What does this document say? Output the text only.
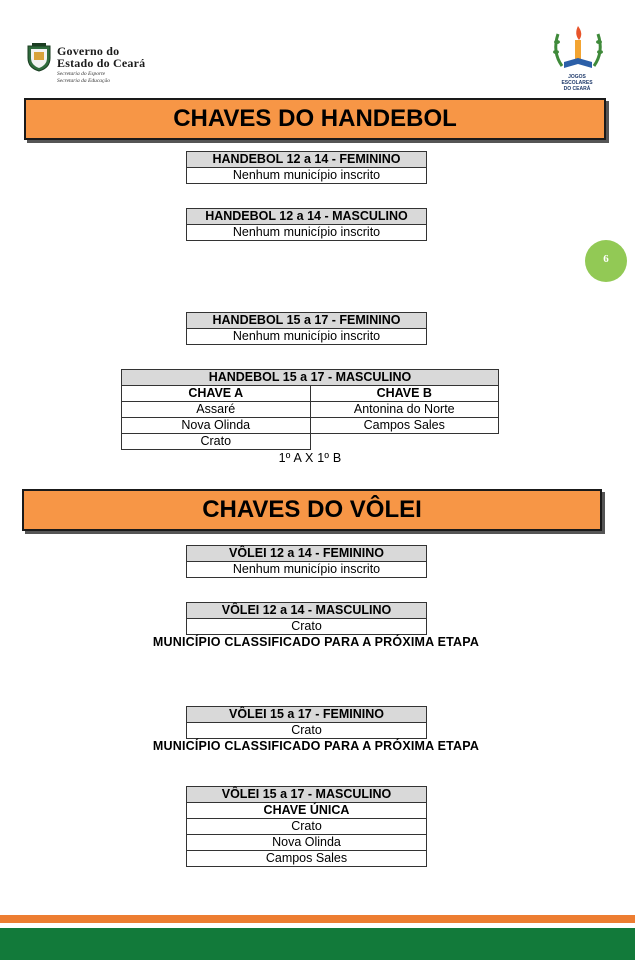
Governo do
Estado do Ceará
Secretaria do Esporte
Secretaria da Educação
JOGOS
ESCOLARES
DO CEARÁ
CHAVES DO HANDEBOL
6
HANDEBOL 12 a 14 - FEMININO
Nenhum município inscrito
HANDEBOL 12 a 14 - MASCULINO
Nenhum município inscrito
HANDEBOL 15 a 17 - FEMININO
Nenhum município inscrito
HANDEBOL 15 a 17 - MASCULINO	
CHAVE A	CHAVE B
Assaré	Antonina do Norte
Nova Olinda	Campos Sales
Crato	
1º A X 1º B
CHAVES DO VÔLEI
VÔLEI 12 a 14 - FEMININO
Nenhum município inscrito
VÔLEI 12 a 14 - MASCULINO
Crato
MUNICÍPIO CLASSIFICADO PARA A PRÓXIMA ETAPA
VÔLEI 15 a 17 - FEMININO
Crato
MUNICÍPIO CLASSIFICADO PARA A PRÓXIMA ETAPA
VÔLEI 15 a 17 - MASCULINO
CHAVE ÚNICA
Crato
Nova Olinda
Campos Sales
